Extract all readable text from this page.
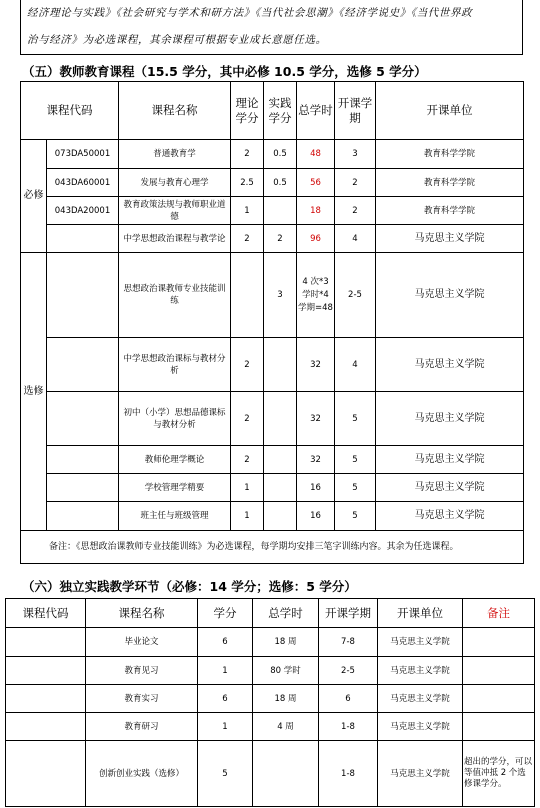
经济理论与实践》《社会研究与学术和研方法》《当代社会思潮》《经济学说史》《当代世界政
治与经济》为必选课程，其余课程可根据专业成长意愿任选。
（五）教师教育课程（15.5 学分，其中必修 10.5 学分，选修 5 学分）
课程代码		课程名称	理论学分	实践学分	总学时	开课学期	开课单位
必修	073DA50001	普通教育学	2	0.5	48	3	教育科学学院
	043DA60001	发展与教育心理学	2.5	0.5	56	2	教育科学学院
	043DA20001	教育政策法规与教师职业道德	1		18	2	教育科学学院
		中学思想政治课程与教学论	2	2	96	4	马克思主义学院
选修		思想政治课教师专业技能训练		3	4 次*3 学时*4 学期=48	2-5	马克思主义学院
		中学思想政治课标与教材分析	2		32	4	马克思主义学院
		初中（小学）思想品德课标与教材分析	2		32	5	马克思主义学院
		教师伦理学概论	2		32	5	马克思主义学院
		学校管理学精要	1		16	5	马克思主义学院
		班主任与班级管理	1		16	5	马克思主义学院
备注：《思想政治课教师专业技能训练》为必选课程，每学期均安排三笔字训练内容。其余为任选课程。							
（六）独立实践教学环节（必修：14 学分；选修：5 学分）
课程代码	课程名称	学分	总学时	开课学期	开课单位	备注
	毕业论文	6	18 周	7-8	马克思主义学院	
	教育见习	1	80 学时	2-5	马克思主义学院	
	教育实习	6	18 周	6	马克思主义学院	
	教育研习	1	4 周	1-8	马克思主义学院	
	创新创业实践（选修）	5		1-8	马克思主义学院	超出的学分，可以等值冲抵 2 个选修课学分。
